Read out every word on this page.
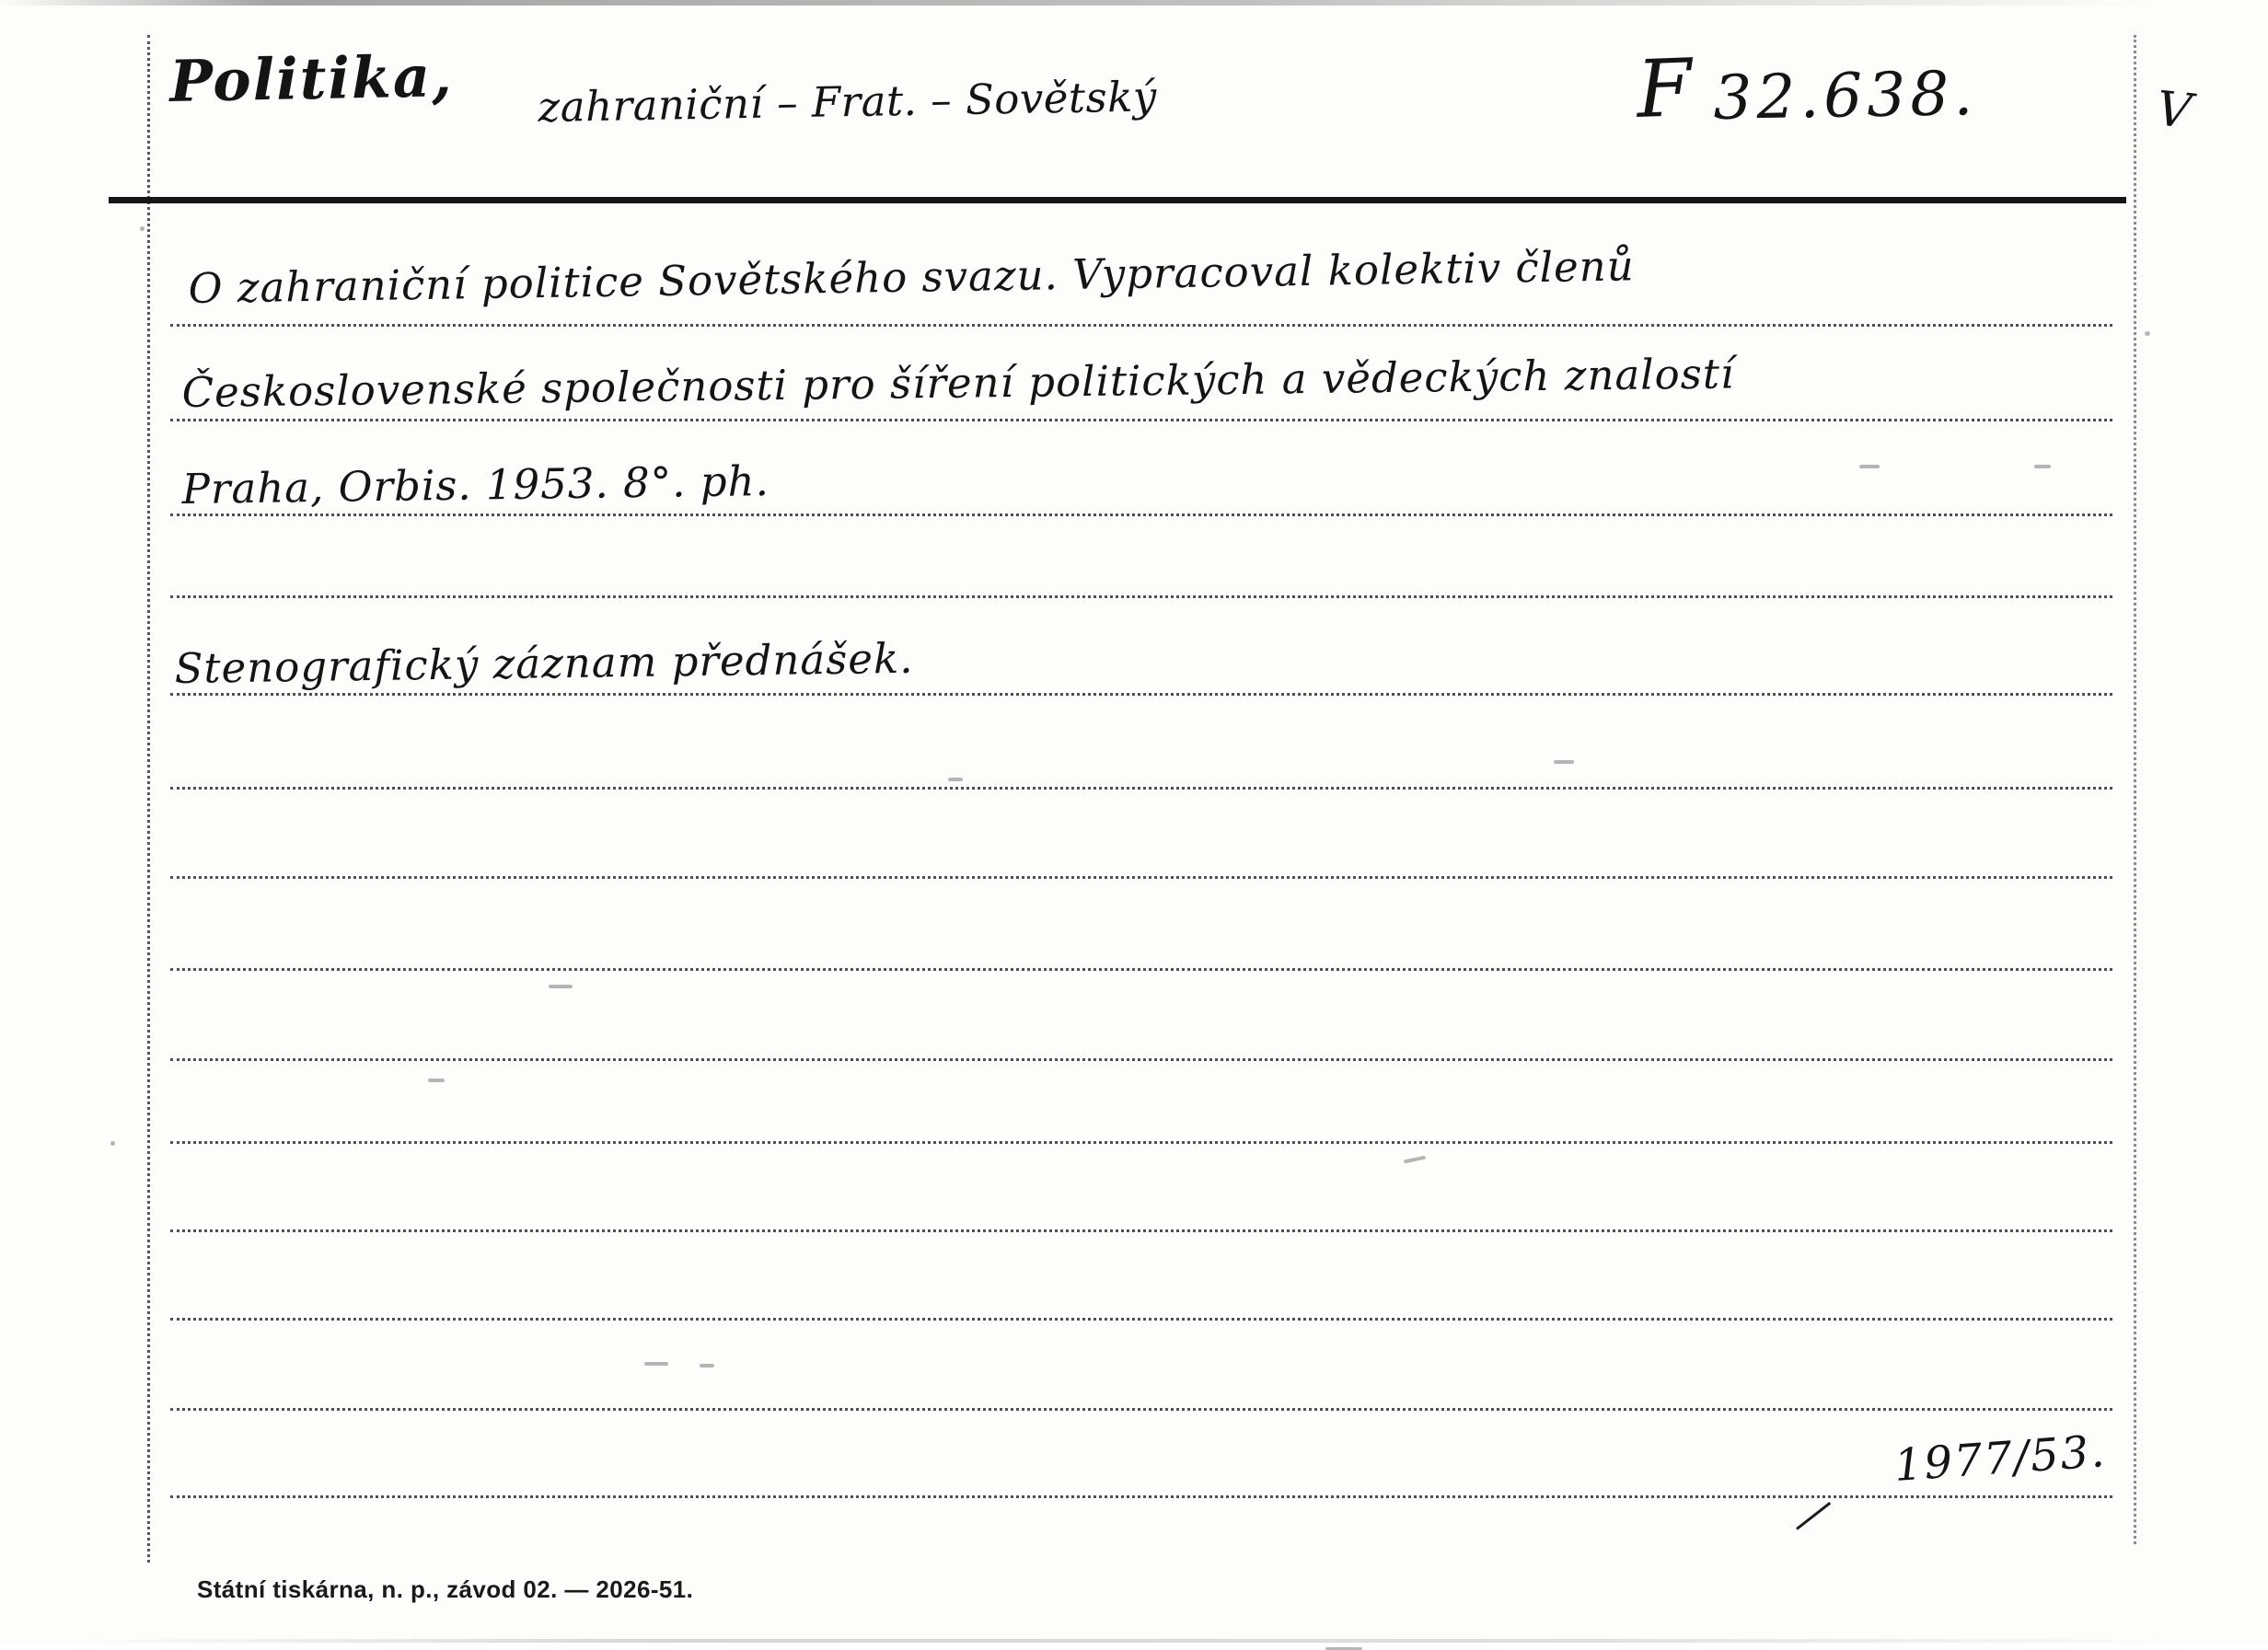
Politika, zahraniční – Frat. – Sovětský	F 32.638.	V
O zahraniční politice Sovětského svazu. Vypracoval kolektiv členů
Československé společnosti pro šíření politických a vědeckých znalostí
Praha, Orbis. 1953. 8°. ph.
Stenografický záznam přednášek.
1977/53.
Státní tiskárna, n. p., závod 02. — 2026-51.
